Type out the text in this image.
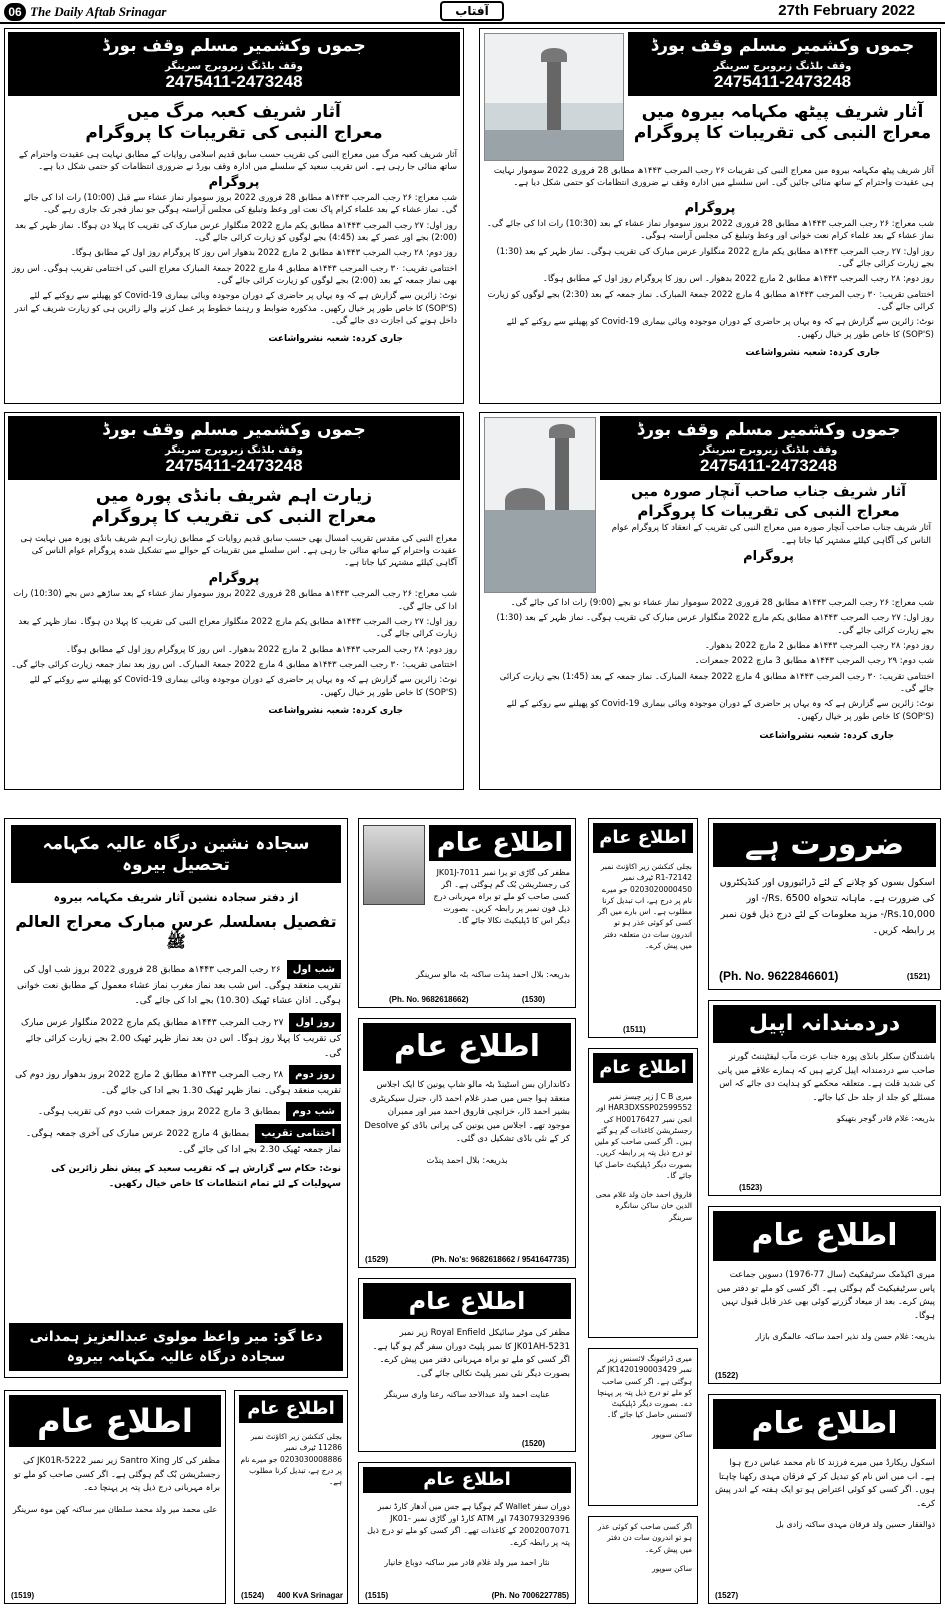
06 The Daily Aftab Srinagar	آفتاب	27th February 2022
جموں وکشمیر مسلم وقف بورڈ
وقف بلڈنگ زیروبرج سرینگر
2475411-2473248
آثار شریف کعبہ مرگ میں
معراج النبی کی تقریبات کا پروگرام
آثار شریف کعبہ مرگ میں معراج النبی کی تقریب حسب سابق قدیم اسلامی روایات کے مطابق نہایت ہی عقیدت واحترام کے ساتھ منائی جا رہی ہے۔ اس تقریب سعید کے سلسلے میں ادارہ وقف بورڈ نے ضروری انتظامات کو حتمی شکل دیا ہے۔
پروگرام

شب معراج: ۲۶ رجب المرجب ۱۴۴۳ھ مطابق 28 فروری 2022 بروز سوموار نماز عشاء سے قبل (10:00) رات ادا کی جائے گی۔ نماز عشاء کے بعد علماء کرام پاک نعت اور وعظ وتبلیغ کی مجلس آراستہ ہوگی جو نماز فجر تک جاری رہے گی۔

روز اول: ۲۷ رجب المرجب ۱۴۴۳ھ مطابق یکم مارچ 2022 منگلوار عرس مبارک کی تقریب کا پہلا دن ہوگا۔ نماز ظہر کے بعد (2:00) بجے اور عصر کے بعد (4:45) بجے لوگوں کو زیارت کرائی جائے گی۔

روز دوم: ۲۸ رجب المرجب ۱۴۴۳ھ مطابق 2 مارچ 2022 بدھوار اس روز کا پروگرام روز اول کے مطابق ہوگا۔

اختتامی تقریب: ۳۰ رجب المرجب ۱۴۴۳ھ مطابق 4 مارچ 2022 جمعۃ المبارک معراج النبی کی اختتامی تقریب ہوگی۔ اس روز بھی نماز جمعہ کے بعد (2:00) بجے لوگوں کو زیارت کرائی جائے گی۔

نوٹ: زائرین سے گزارش ہے کہ وہ یہاں پر حاضری کے دوران موجودہ وبائی بیماری Covid-19 کو پھیلنے سے روکنے کے لئے (SOP'S) کا خاص طور پر خیال رکھیں۔ مذکورہ ضوابط و رہنما خطوط پر عمل کرنے والے زائرین ہی کو زیارت شریف کے اندر داخل ہونے کی اجازت دی جائے گی۔

جاری کردہ: شعبہ نشرواشاعت
جموں وکشمیر مسلم وقف بورڈ
وقف بلڈنگ زیروبرج سرینگر
2475411-2473248
آثار شریف پیٹھ مکہامہ بیروہ میں
معراج النبی کی تقریبات کا پروگرام
آثار شریف پیٹھ مکہامہ بیروہ میں معراج النبی کی تقریبات ۲۶ رجب المرجب ۱۴۴۳ھ مطابق 28 فروری 2022 سوموار نہایت ہی عقیدت واحترام کے ساتھ منائی جائیں گی۔ اس سلسلے میں ادارہ وقف نے ضروری انتظامات کو حتمی شکل دیا ہے۔
پروگرام

شب معراج: ۲۶ رجب المرجب ۱۴۴۳ھ مطابق 28 فروری 2022 بروز سوموار نماز عشاء کے بعد (10:30) رات ادا کی جائے گی۔ نماز عشاء کے بعد علماء کرام نعت خوانی اور وعظ وتبلیغ کی مجلس آراستہ ہوگی۔

روز اول: ۲۷ رجب المرجب ۱۴۴۳ھ مطابق یکم مارچ 2022 منگلوار عرس مبارک کی تقریب ہوگی۔ نماز ظہر کے بعد (1:30) بجے زیارت کرائی جائے گی۔

روز دوم: ۲۸ رجب المرجب ۱۴۴۳ھ مطابق 2 مارچ 2022 بدھوار۔ اس روز کا پروگرام روز اول کے مطابق ہوگا۔

اختتامی تقریب: ۳۰ رجب المرجب ۱۴۴۳ھ مطابق 4 مارچ 2022 جمعۃ المبارک۔ نماز جمعہ کے بعد (2:30) بجے لوگوں کو زیارت کرائی جائے گی۔

نوٹ: زائرین سے گزارش ہے کہ وہ یہاں پر حاضری کے دوران موجودہ وبائی بیماری Covid-19 کو پھیلنے سے روکنے کے لئے (SOP'S) کا خاص طور پر خیال رکھیں۔

جاری کردہ: شعبہ نشرواشاعت
جموں وکشمیر مسلم وقف بورڈ
وقف بلڈنگ زیروبرج سرینگر
2475411-2473248
زیارت اہم شریف بانڈی پورہ میں
معراج النبی کی تقریب کا پروگرام
معراج النبی کی مقدس تقریب امسال بھی حسب سابق قدیم روایات کے مطابق زیارت اہم شریف بانڈی پورہ میں نہایت ہی عقیدت واحترام کے ساتھ منائی جا رہی ہے۔ اس سلسلے میں تقریبات کے حوالے سے تشکیل شدہ پروگرام عوام الناس کی آگاہی کیلئے مشتہر کیا جاتا ہے۔
پروگرام

شب معراج: ۲۶ رجب المرجب ۱۴۴۳ھ مطابق 28 فروری 2022 بروز سوموار نماز عشاء کے بعد ساڑھے دس بجے (10:30) رات ادا کی جائے گی۔

روز اول: ۲۷ رجب المرجب ۱۴۴۳ھ مطابق یکم مارچ 2022 منگلوار معراج النبی کی تقریب کا پہلا دن ہوگا۔ نماز ظہر کے بعد زیارت کرائی جائے گی۔

روز دوم: ۲۸ رجب المرجب ۱۴۴۳ھ مطابق 2 مارچ 2022 بدھوار۔ اس روز کا پروگرام روز اول کے مطابق ہوگا۔

اختتامی تقریب: ۳۰ رجب المرجب ۱۴۴۳ھ مطابق 4 مارچ 2022 جمعۃ المبارک۔ اس روز بعد نماز جمعہ زیارت کرائی جائے گی۔

نوٹ: زائرین سے گزارش ہے کہ وہ یہاں پر حاضری کے دوران موجودہ وبائی بیماری Covid-19 کو پھیلنے سے روکنے کے لئے (SOP'S) کا خاص طور پر خیال رکھیں۔

جاری کردہ: شعبہ نشرواشاعت
جموں وکشمیر مسلم وقف بورڈ
وقف بلڈنگ زیروبرج سرینگر
2475411-2473248
آثار شریف جناب صاحب آنچار صورہ میں
معراج النبی کی تقریبات کا پروگرام
آثار شریف جناب صاحب آنچار صورہ میں معراج النبی کی تقریب کے انعقاد کا پروگرام عوام الناس کی آگاہی کیلئے مشتہر کیا جاتا ہے۔
پروگرام

شب معراج: ۲۶ رجب المرجب ۱۴۴۳ھ مطابق 28 فروری 2022 سوموار نماز عشاء نو بجے (9:00) رات ادا کی جائے گی۔

روز اول: ۲۷ رجب المرجب ۱۴۴۳ھ مطابق یکم مارچ 2022 منگلوار عرس مبارک کی تقریب ہوگی۔ نماز ظہر کے بعد (1:30) بجے زیارت کرائی جائے گی۔

روز دوم: ۲۸ رجب المرجب ۱۴۴۳ھ مطابق 2 مارچ 2022 بدھوار۔

شب دوم: ۲۹ رجب المرجب ۱۴۴۳ھ مطابق 3 مارچ 2022 جمعرات۔

اختتامی تقریب: ۳۰ رجب المرجب ۱۴۴۳ھ مطابق 4 مارچ 2022 جمعۃ المبارک۔ نماز جمعہ کے بعد (1:45) بجے زیارت کرائی جائے گی۔

نوٹ: زائرین سے گزارش ہے کہ وہ یہاں پر حاضری کے دوران موجودہ وبائی بیماری Covid-19 کو پھیلنے سے روکنے کے لئے (SOP'S) کا خاص طور پر خیال رکھیں۔

جاری کردہ: شعبہ نشرواشاعت
سجادہ نشین درگاہ عالیہ مکہامہ تحصیل بیروہ
از دفتر سجادہ نشین آثار شریف مکہامہ بیروہ
تفصیل بسلسلہ عرس مبارک معراج العالم ﷺ

شب اول۲۶ رجب المرجب ۱۴۴۳ھ مطابق 28 فروری 2022 بروز شب اول کی تقریب منعقد ہوگی۔ اس شب بعد نماز مغرب نماز عشاء معمول کے مطابق نعت خوانی ہوگی۔ اذان عشاء ٹھیک (10.30) بجے ادا کی جائے گی۔

روز اول۲۷ رجب المرجب ۱۴۴۳ھ مطابق یکم مارچ 2022 منگلوار عرس مبارک کی تقریب کا پہلا روز ہوگا۔ اس دن بعد نماز ظہر ٹھیک 2.00 بجے زیارت کرائی جائے گی۔

روز دوم۲۸ رجب المرجب ۱۴۴۳ھ مطابق 2 مارچ 2022 بروز بدھوار روز دوم کی تقریب منعقد ہوگی۔ نماز ظہر ٹھیک 1.30 بجے ادا کی جائے گی۔

شب دومبمطابق 3 مارچ 2022 بروز جمعرات شب دوم کی تقریب ہوگی۔

اختتامی تقریببمطابق 4 مارچ 2022 عرس مبارک کی آخری جمعہ ہوگی۔ نماز جمعہ ٹھیک 2.30 بجے ادا کی جائے گی۔

نوٹ: حکام سے گزارش ہے کہ تقریب سعید کے پیش نظر زائرین کی سہولیات کے لئے تمام انتظامات کا خاص خیال رکھیں۔

دعا گو: میر واعظ مولوی عبدالعزیز ہمدانی
سجادہ درگاہ عالیہ مکہامہ بیروہ
اطلاع عام
مظفر کی گاڑی تو یرا نمبر JK01J-7011 کی رجسٹریشن بُک گم ہوگئی ہے۔ اگر کسی صاحب کو ملے تو براہ مہربانی درج ذیل فون نمبر پر رابطہ کریں۔ بصورت دیگر اس کا ڈپلیکیٹ نکالا جائے گا۔
بدریعہ: بلال احمد پنڈت ساکنہ بٹہ مالو سرینگر
(Ph. No. 9682618662)	(1530)
اطلاع عام
بجلی کنکشن زیر اکاؤنٹ نمبر 72142-R1 ٹیرف نمبر 0203020000450 جو میرے نام پر درج ہے، اب تبدیل کرنا مطلوب ہے۔ اس بارے میں اگر کسی کو کوئی عذر ہو تو اندرون سات دن متعلقہ دفتر میں پیش کرے۔
(1511)
ضرورت ہے
اسکول بسوں کو چلانے کے لئے ڈرائیوروں اور کنڈیکٹروں کی ضرورت ہے۔ ماہانہ تنخواہ Rs. 6500/- اور Rs.10,000/- مزید معلومات کے لئے درج ذیل فون نمبر پر رابطہ کریں۔
(Ph. No. 9622846601)	(1521)
دردمندانہ اپیل
باشندگان سکلر بانڈی پورہ جناب عزت مآب لیفٹیننٹ گورنر صاحب سے دردمندانہ اپیل کرتے ہیں کہ ہمارے علاقے میں پانی کی شدید قلت ہے۔ متعلقہ محکمے کو ہدایت دی جائے کہ اس مسئلے کو جلد از جلد حل کیا جائے۔
بذریعہ: غلام قادر گوجر بتھیکو
(1523)
اطلاع عام
دکانداران بس اسٹینڈ بٹہ مالو شاپ یونین کا ایک اجلاس منعقد ہوا جس میں صدر غلام احمد ڈار، جنرل سیکریٹری بشیر احمد ڈار، خزانچی فاروق احمد میر اور ممبران موجود تھے۔ اجلاس میں یونین کی پرانی باڈی کو Desolve کر کے نئی باڈی تشکیل دی گئی۔
بذریعہ: بلال احمد پنڈت
(1529)	(Ph. No's: 9682618662 / 9541647735)
اطلاع عام
میری J C B زیر چیسز نمبر HAR3DXSSP02599552 اور انجن نمبر H00176427 کی رجسٹریشن کاغذات گم ہو گئے ہیں۔ اگر کسی صاحب کو ملیں تو درج ذیل پتہ پر رابطہ کریں۔ بصورت دیگر ڈپلیکیٹ حاصل کیا جائے گا۔
فاروق احمد خان ولد غلام محی الدین خان ساکن سانگرہ سرینگر
اطلاع عام
میری اکیڈمک سرٹیفکیٹ (سال 77-1976) دسویں جماعت پاس سرٹیفیکیٹ گم ہوگئی ہے۔ اگر کسی کو ملے تو دفتر میں پیش کرے۔ بعد از میعاد گزرنے کوئی بھی عذر قابل قبول نہیں ہوگا۔
بذریعہ: غلام حسن ولد نذیر احمد ساکنہ عالمگری بازار
(1522)
اطلاع عام
مظفر کی موٹر سائیکل Royal Enfield زیر نمبر JK01AH-5231 کا نمبر پلیٹ دوران سفر گم ہو گیا ہے۔ اگر کسی کو ملے تو براہ مہربانی دفتر میں پیش کرے۔ بصورت دیگر نئی نمبر پلیٹ نکالی جائے گی۔
عنایت احمد ولد عبدالاحد ساکنہ رعنا واری سرینگر
(1520)
میری ڈرائیونگ لائسنس زیر نمبر JK1420190003429 گم ہوگئی ہے۔ اگر کسی صاحب کو ملے تو درج ذیل پتہ پر پہنچا دے۔ بصورت دیگر ڈپلیکیٹ لائسنس حاصل کیا جائے گا۔
ساکن سوپور
اطلاع عام
مظفر کی کار Santro Xing زیر نمبر JK01R-5222 کی رجسٹریشن بُک گم ہوگئی ہے۔ اگر کسی صاحب کو ملے تو براہ مہربانی درج ذیل پتہ پر پہنچا دے۔
علی محمد میر ولد محمد سلطان میر ساکنہ کھن موہ سرینگر
(1519)
اطلاع عام
بجلی کنکشن زیر اکاؤنٹ نمبر 11286 ٹیرف نمبر 0203030008886 جو میرے نام پر درج ہے، تبدیل کرنا مطلوب ہے۔
(1524) 400 KvA Srinagar
اطلاع عام
دوران سفر Wallet گم ہوگیا ہے جس میں آدھار کارڈ نمبر 743079329396 اور ATM کارڈ اور گاڑی نمبر JK01-2002007071 کے کاغذات تھے۔ اگر کسی کو ملے تو درج ذیل پتہ پر رابطہ کرے۔
نثار احمد میر ولد غلام قادر میر ساکنہ دوباغ خانیار
(1515)	(Ph. No 7006227785)
اگر کسی صاحب کو کوئی عذر ہو تو اندرون سات دن دفتر میں پیش کرے۔
ساکن سوپور
اطلاع عام
اسکول ریکارڈ میں میرے فرزند کا نام محمد عباس درج ہوا ہے۔ اب میں اس نام کو تبدیل کر کے فرقان مہدی رکھنا چاہتا ہوں۔ اگر کسی کو کوئی اعتراض ہو تو ایک ہفتہ کے اندر پیش کرے۔
ذوالفقار حسین ولد فرقان مہدی ساکنہ زادی بل
(1527)
